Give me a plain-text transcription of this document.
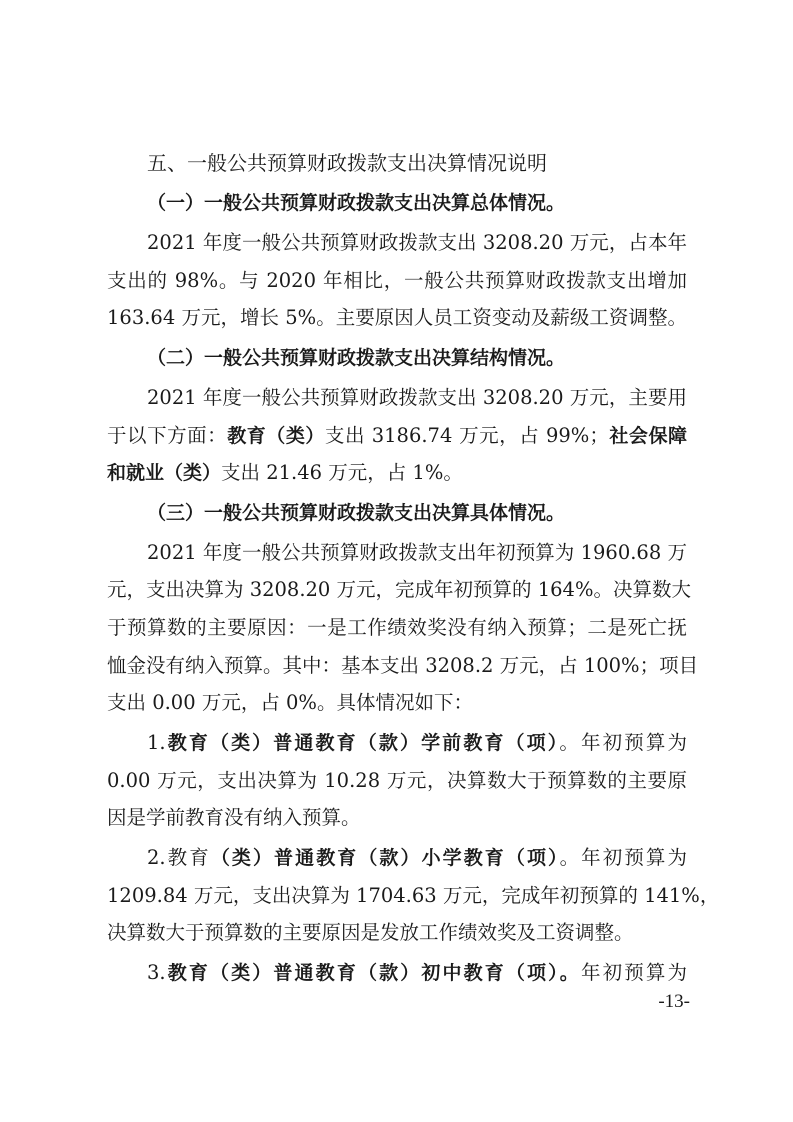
五、一般公共预算财政拨款支出决算情况说明
（一）一般公共预算财政拨款支出决算总体情况。
2021 年度一般公共预算财政拨款支出 3208.20 万元，占本年
支出的 98%。与 2020 年相比，一般公共预算财政拨款支出增加
163.64 万元，增长 5%。主要原因人员工资变动及薪级工资调整。
（二）一般公共预算财政拨款支出决算结构情况。
2021 年度一般公共预算财政拨款支出 3208.20 万元，主要用
于以下方面：教育（类）支出 3186.74 万元，占 99%；社会保障
和就业（类）支出 21.46 万元，占 1%。
（三）一般公共预算财政拨款支出决算具体情况。
2021 年度一般公共预算财政拨款支出年初预算为 1960.68 万
元，支出决算为 3208.20 万元，完成年初预算的 164%。决算数大
于预算数的主要原因：一是工作绩效奖没有纳入预算；二是死亡抚
恤金没有纳入预算。其中：基本支出 3208.2 万元，占 100%；项目
支出 0.00 万元，占 0%。具体情况如下：
1.教育（类）普通教育（款）学前教育（项）。年初预算为
0.00 万元，支出决算为 10.28 万元，决算数大于预算数的主要原
因是学前教育没有纳入预算。
2.教育（类）普通教育（款）小学教育（项）。年初预算为
1209.84 万元，支出决算为 1704.63 万元，完成年初预算的 141%，
决算数大于预算数的主要原因是发放工作绩效奖及工资调整。
3.教育（类）普通教育（款）初中教育（项）。年初预算为
-13-
